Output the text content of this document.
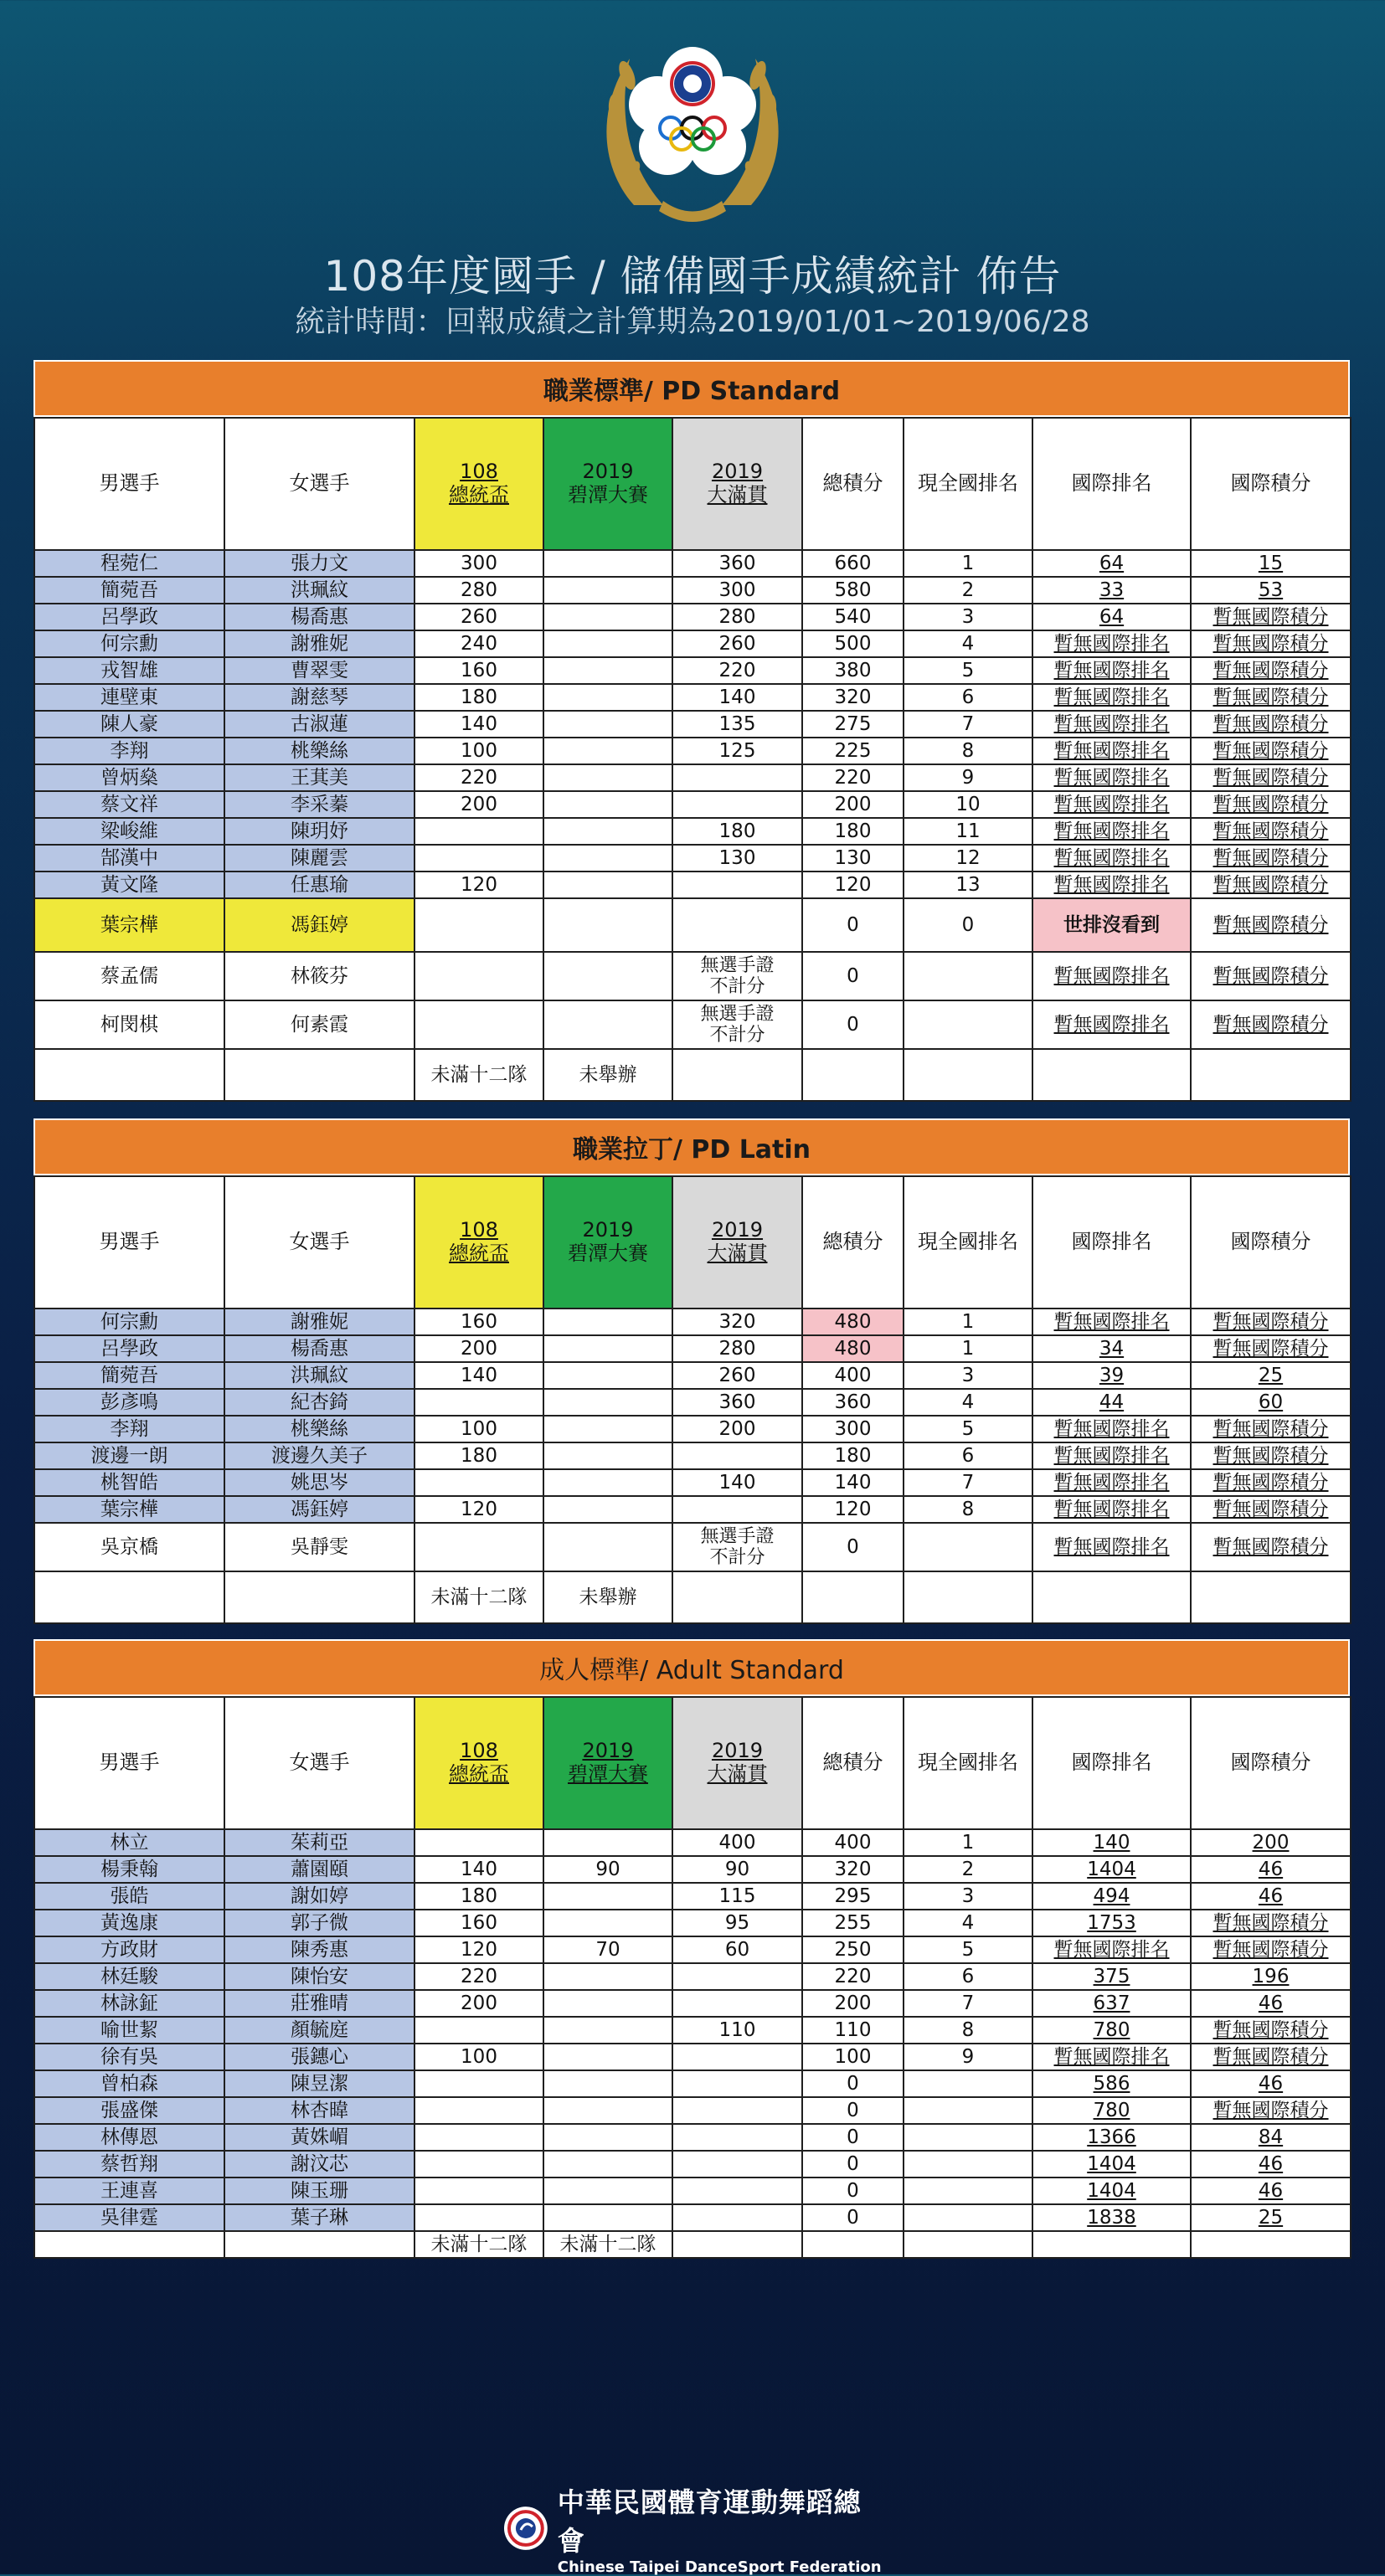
108年度國手 / 儲備國手成績統計 佈告
統計時間：回報成績之計算期為2019/01/01~2019/06/28
職業標準/ PD Standard
男選手	女選手	108
總統盃	2019
碧潭大賽	2019
大滿貫	總積分	現全國排名	國際排名	國際積分
程菀仁	張力文	300		360	660	1	64	15
簡菀吾	洪珮紋	280		300	580	2	33	53
呂學政	楊喬惠	260		280	540	3	64	暫無國際積分
何宗勳	謝雅妮	240		260	500	4	暫無國際排名	暫無國際積分
戎智雄	曹翠雯	160		220	380	5	暫無國際排名	暫無國際積分
連壁東	謝慈琴	180		140	320	6	暫無國際排名	暫無國際積分
陳人豪	古淑蓮	140		135	275	7	暫無國際排名	暫無國際積分
李翔	桃樂絲	100		125	225	8	暫無國際排名	暫無國際積分
曾炳燊	王萁美	220			220	9	暫無國際排名	暫無國際積分
蔡文祥	李采蓁	200			200	10	暫無國際排名	暫無國際積分
梁峻維	陳玥妤			180	180	11	暫無國際排名	暫無國際積分
郜漢中	陳麗雲			130	130	12	暫無國際排名	暫無國際積分
黃文隆	任惠瑜	120			120	13	暫無國際排名	暫無國際積分
葉宗樺	馮鈺婷				0	0	世排沒看到	暫無國際積分
蔡孟儒	林筱芬			無選手證
不計分	0		暫無國際排名	暫無國際積分
柯閔棋	何素霞			無選手證
不計分	0		暫無國際排名	暫無國際積分
		未滿十二隊	未舉辦					
職業拉丁/ PD Latin
男選手	女選手	108
總統盃	2019
碧潭大賽	2019
大滿貫	總積分	現全國排名	國際排名	國際積分
何宗勳	謝雅妮	160		320	480	1	暫無國際排名	暫無國際積分
呂學政	楊喬惠	200		280	480	1	34	暫無國際積分
簡菀吾	洪珮紋	140		260	400	3	39	25
彭彥鳴	紀杏錡			360	360	4	44	60
李翔	桃樂絲	100		200	300	5	暫無國際排名	暫無國際積分
渡邊一朗	渡邊久美子	180			180	6	暫無國際排名	暫無國際積分
桃智皓	姚思岑			140	140	7	暫無國際排名	暫無國際積分
葉宗樺	馮鈺婷	120			120	8	暫無國際排名	暫無國際積分
吳京橋	吳靜雯			無選手證
不計分	0		暫無國際排名	暫無國際積分
		未滿十二隊	未舉辦					
成人標準/ Adult Standard
男選手	女選手	108
總統盃	2019
碧潭大賽	2019
大滿貫	總積分	現全國排名	國際排名	國際積分
林立	茱莉亞			400	400	1	140	200
楊秉翰	蕭園頤	140	90	90	320	2	1404	46
張皓	謝如婷	180		115	295	3	494	46
黃逸康	郭子微	160		95	255	4	1753	暫無國際積分
方政財	陳秀惠	120	70	60	250	5	暫無國際排名	暫無國際積分
林廷駿	陳怡安	220			220	6	375	196
林詠鉦	莊雅晴	200			200	7	637	46
喻世絜	顏毓庭			110	110	8	780	暫無國際積分
徐有吳	張鏸心	100			100	9	暫無國際排名	暫無國際積分
曾柏森	陳昱潔				0		586	46
張盛傑	林杏暐				0		780	暫無國際積分
林傳恩	黃姝嵋				0		1366	84
蔡哲翔	謝汶芯				0		1404	46
王連喜	陳玉珊				0		1404	46
吳律霆	葉子琳				0		1838	25
		未滿十二隊	未滿十二隊					
中華民國體育運動舞蹈總會
Chinese Taipei DanceSport Federation
